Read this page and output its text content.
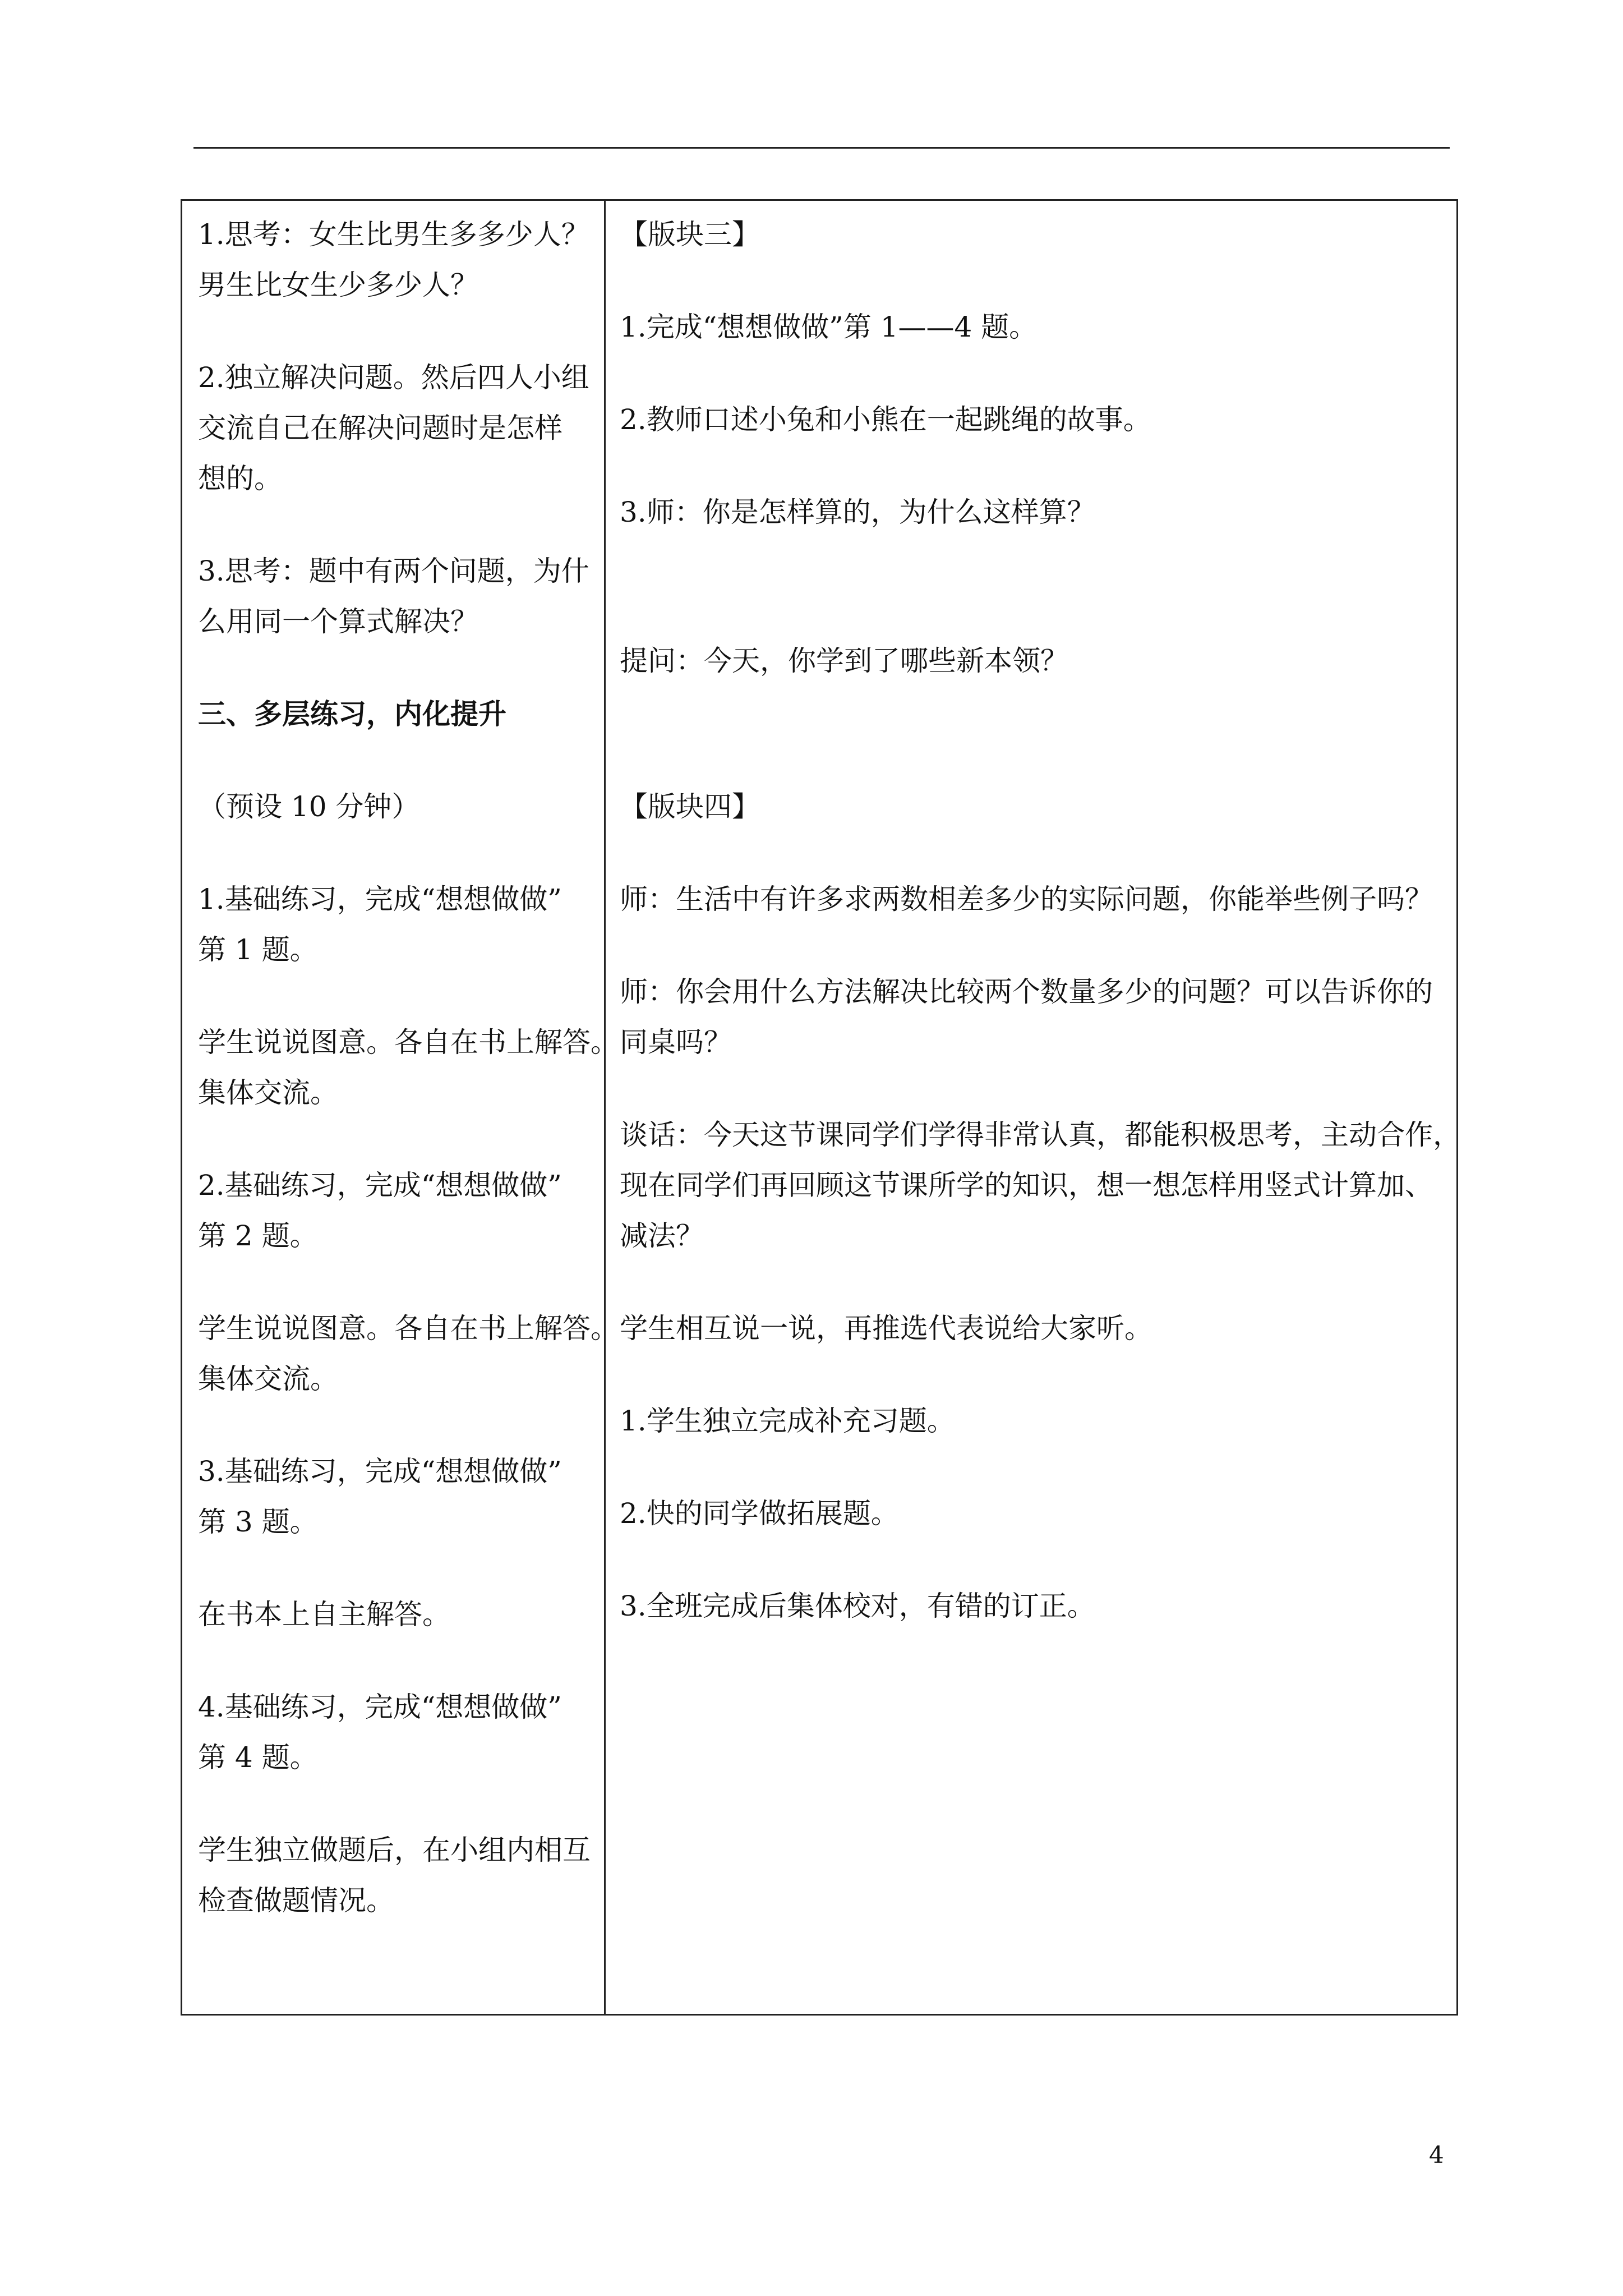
1.思考：女生比男生多多少人？
男生比女生少多少人？
2.独立解决问题。然后四人小组
交流自己在解决问题时是怎样
想的。
3.思考：题中有两个问题，为什
么用同一个算式解决？
三、多层练习，内化提升
（预设 10 分钟）
1.基础练习，完成“想想做做”
第 1 题。
学生说说图意。各自在书上解答。
集体交流。
2.基础练习，完成“想想做做”
第 2 题。
学生说说图意。各自在书上解答。
集体交流。
3.基础练习，完成“想想做做”
第 3 题。
在书本上自主解答。
4.基础练习，完成“想想做做”
第 4 题。
学生独立做题后，在小组内相互
检查做题情况。
【版块三】
1.完成“想想做做”第 1——4 题。
2.教师口述小兔和小熊在一起跳绳的故事。
3.师：你是怎样算的，为什么这样算？
提问：今天，你学到了哪些新本领？
【版块四】
师：生活中有许多求两数相差多少的实际问题，你能举些例子吗？
师：你会用什么方法解决比较两个数量多少的问题？可以告诉你的
同桌吗？
谈话：今天这节课同学们学得非常认真，都能积极思考，主动合作，
现在同学们再回顾这节课所学的知识，想一想怎样用竖式计算加、
减法？
学生相互说一说，再推选代表说给大家听。
1.学生独立完成补充习题。
2.快的同学做拓展题。
3.全班完成后集体校对，有错的订正。
4
